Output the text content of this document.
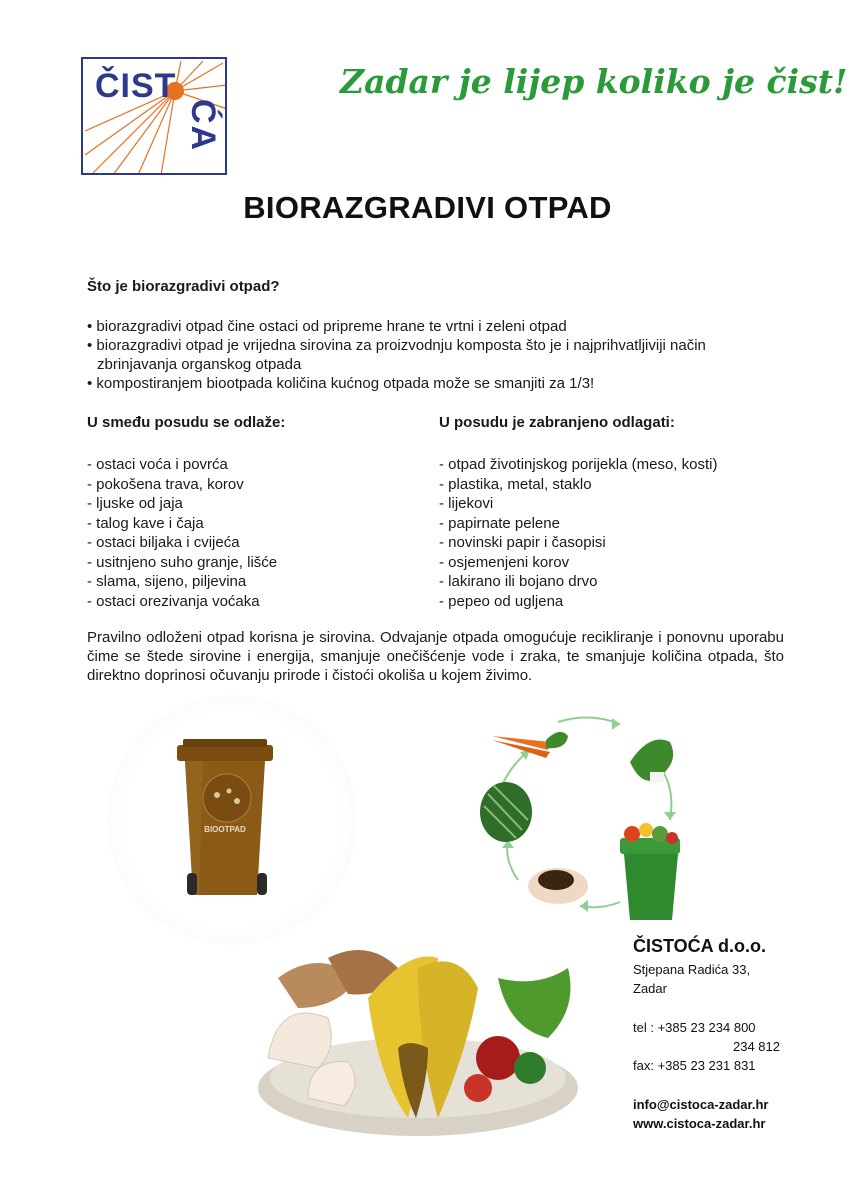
ČIST
ĆA
Zadar je lijep koliko je čist!
BIORAZGRADIVI OTPAD
Što je biorazgradivi otpad?
• biorazgradivi otpad čine ostaci od pripreme hrane te vrtni i zeleni otpad
• biorazgradivi otpad je vrijedna sirovina za proizvodnju komposta što je i najprihvatljiviji način zbrinjavanja organskog otpada
• kompostiranjem biootpada količina kućnog otpada može se smanjiti za 1/3!
U smeđu posudu se odlaže:	U posudu je zabranjeno odlagati:
- ostaci voća i povrća
- pokošena trava, korov
- ljuske od jaja
- talog kave i čaja
- ostaci biljaka i cvijeća
- usitnjeno suho granje, lišće
- slama, sijeno, piljevina
- ostaci orezivanja voćaka
- otpad životinjskog porijekla (meso, kosti)
- plastika, metal, staklo
- lijekovi
- papirnate pelene
- novinski papir i časopisi
- osjemenjeni korov
- lakirano ili bojano drvo
- pepeo od ugljena
Pravilno odloženi otpad korisna je sirovina. Odvajanje otpada omogućuje recikliranje i ponovnu uporabu čime se štede sirovine i energija, smanjuje onečišćenje vode i zraka, te smanjuje količina otpada, što direktno doprinosi očuvanju prirode i čistoći okoliša u kojem živimo.
BIOOTPAD
ČISTOĆA d.o.o.
Stjepana Radića 33,
Zadar
tel : +385 23 234 800
234 812
fax: +385 23 231 831
info@cistoca-zadar.hr
www.cistoca-zadar.hr
